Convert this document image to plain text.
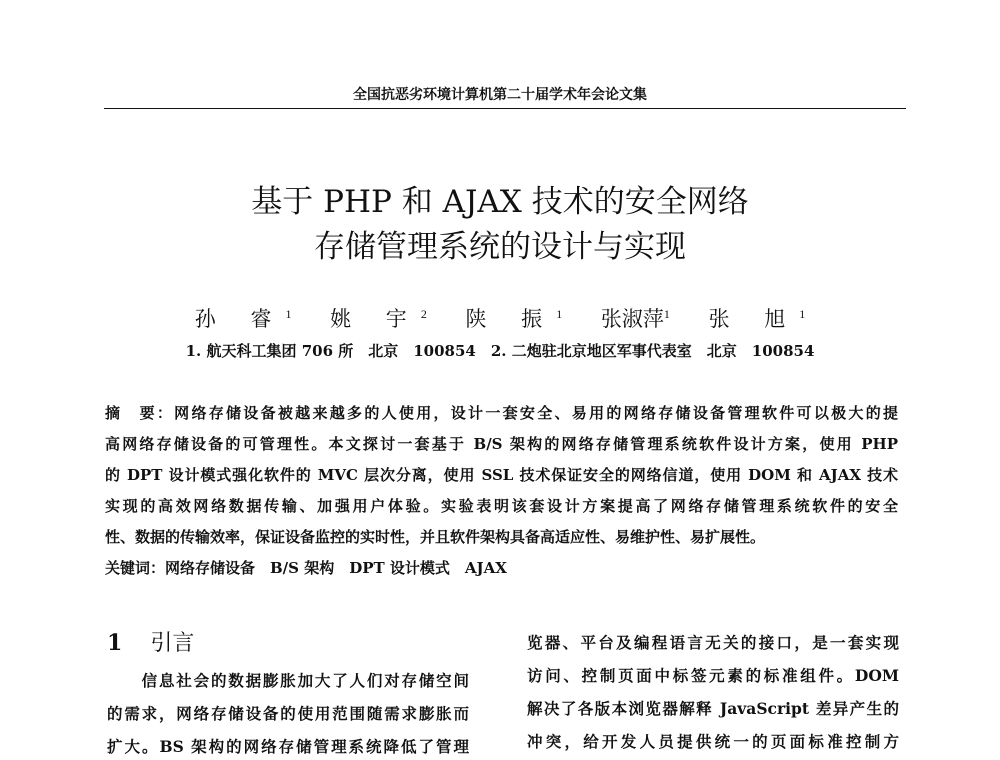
全国抗恶劣环境计算机第二十届学术年会论文集
基于 PHP 和 AJAX 技术的安全网络
存储管理系统的设计与实现
孙 睿$^1$ 姚 宇$^2$ 陕 振$^1$ 张淑萍$^1$ 张 旭$^1$
1. 航天科工集团 706 所　北京　100854　2. 二炮驻北京地区军事代表室　北京　100854
摘　要：网络存储设备被越来越多的人使用，设计一套安全、易用的网络存储设备管理软件可以极大的提
高网络存储设备的可管理性。本文探讨一套基于 B/S 架构的网络存储管理系统软件设计方案，使用 PHP
的 DPT 设计模式强化软件的 MVC 层次分离，使用 SSL 技术保证安全的网络信道，使用 DOM 和 AJAX 技术
实现的高效网络数据传输、加强用户体验。实验表明该套设计方案提高了网络存储管理系统软件的安全
性、数据的传输效率，保证设备监控的实时性，并且软件架构具备高适应性、易维护性、易扩展性。
关键词：网络存储设备　B/S 架构　DPT 设计模式　AJAX
1 引言
　　信息社会的数据膨胀加大了人们对存储空间
的需求，网络存储设备的使用范围随需求膨胀而
扩大。BS 架构的网络存储管理系统降低了管理
览器、平台及编程语言无关的接口，是一套实现
访问、控制页面中标签元素的标准组件。DOM
解决了各版本浏览器解释 JavaScript 差异产生的
冲突，给开发人员提供统一的页面标准控制方
